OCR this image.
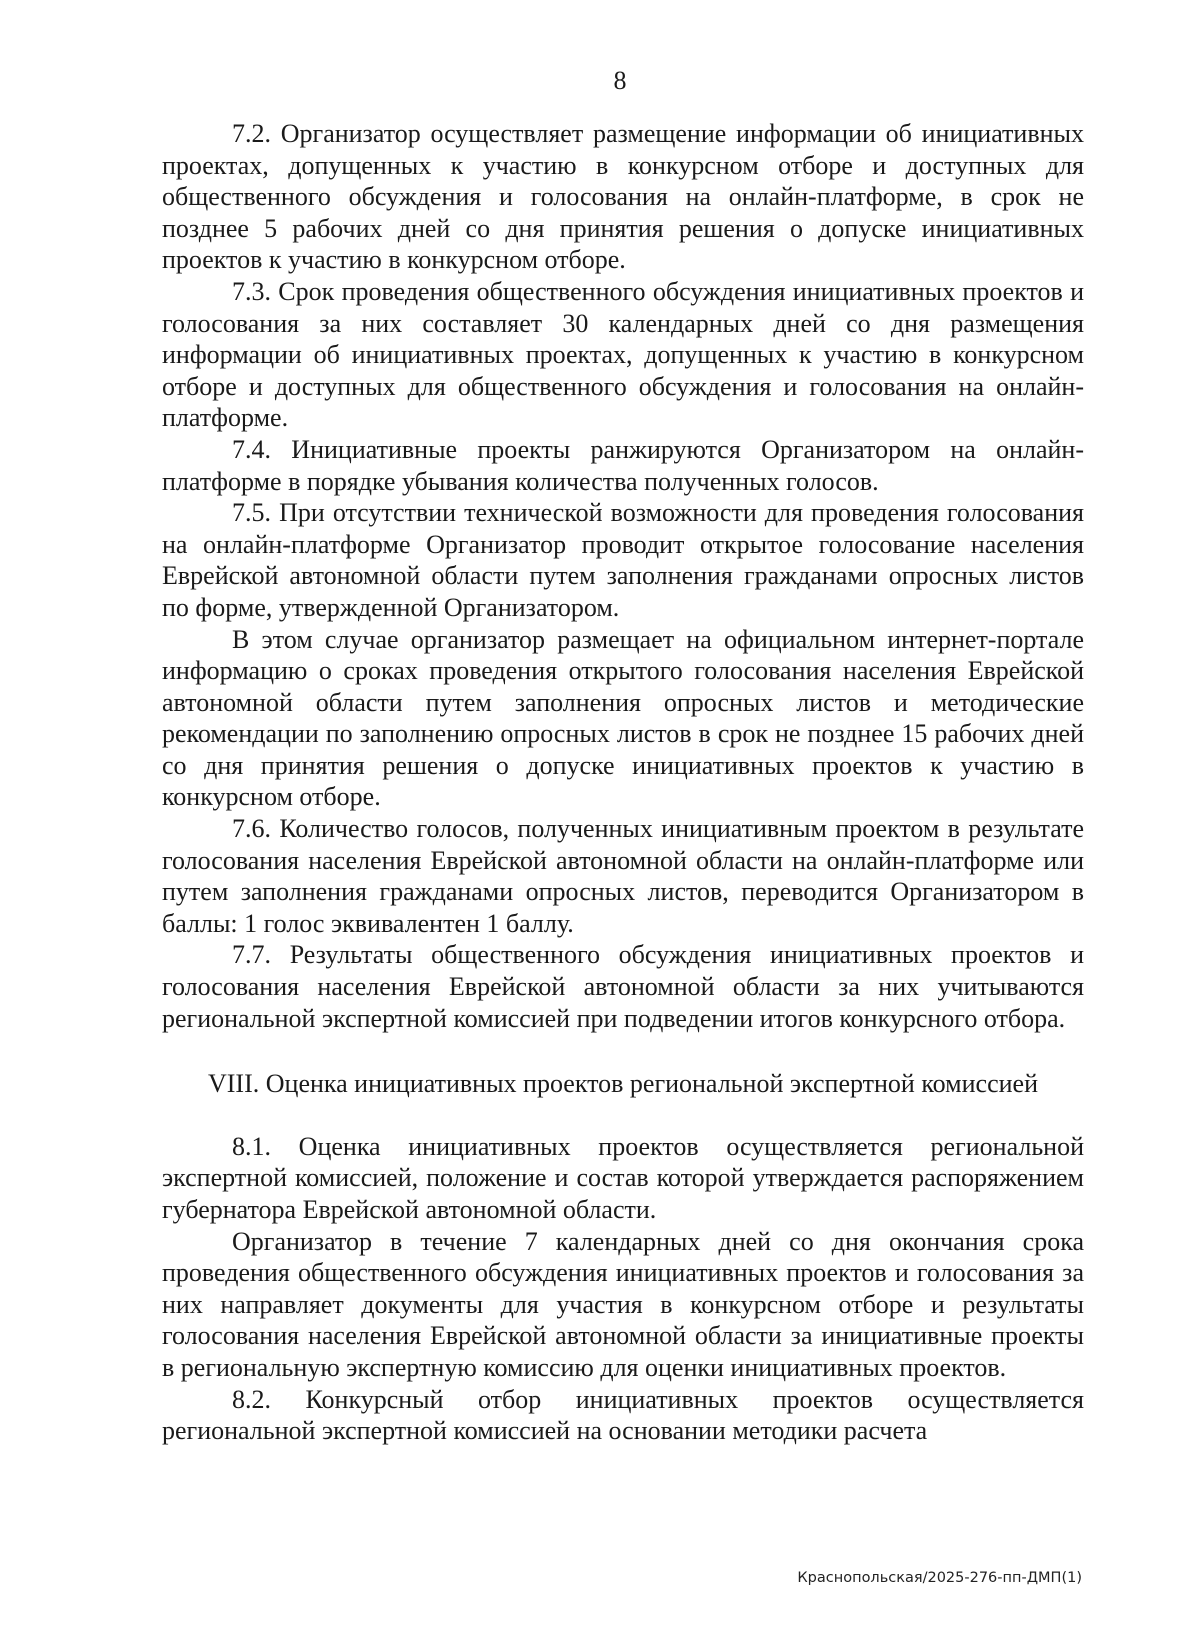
8

7.2. Организатор осуществляет размещение информации об инициативных проектах, допущенных к участию в конкурсном отборе и доступных для общественного обсуждения и голосования на онлайн-платформе, в срок не позднее 5 рабочих дней со дня принятия решения о допуске инициативных проектов к участию в конкурсном отборе.

7.3. Срок проведения общественного обсуждения инициативных проектов и голосования за них составляет 30 календарных дней со дня размещения информации об инициативных проектах, допущенных к участию в конкурсном отборе и доступных для общественного обсуждения и голосования на онлайн-платформе.

7.4. Инициативные проекты ранжируются Организатором на онлайн-платформе в порядке убывания количества полученных голосов.

7.5. При отсутствии технической возможности для проведения голосования на онлайн-платформе Организатор проводит открытое голосование населения Еврейской автономной области путем заполнения гражданами опросных листов по форме, утвержденной Организатором.

В этом случае организатор размещает на официальном интернет-портале информацию о сроках проведения открытого голосования населения Еврейской автономной области путем заполнения опросных листов и методические рекомендации по заполнению опросных листов в срок не позднее 15 рабочих дней со дня принятия решения о допуске инициативных проектов к участию в конкурсном отборе.

7.6. Количество голосов, полученных инициативным проектом в результате голосования населения Еврейской автономной области на онлайн-платформе или путем заполнения гражданами опросных листов, переводится Организатором в баллы: 1 голос эквивалентен 1 баллу.

7.7. Результаты общественного обсуждения инициативных проектов и голосования населения Еврейской автономной области за них учитываются региональной экспертной комиссией при подведении итогов конкурсного отбора.

VIII. Оценка инициативных проектов региональной экспертной комиссией

8.1. Оценка инициативных проектов осуществляется региональной экспертной комиссией, положение и состав которой утверждается распоряжением губернатора Еврейской автономной области.

Организатор в течение 7 календарных дней со дня окончания срока проведения общественного обсуждения инициативных проектов и голосования за них направляет документы для участия в конкурсном отборе и результаты голосования населения Еврейской автономной области за инициативные проекты в региональную экспертную комиссию для оценки инициативных проектов.

8.2. Конкурсный отбор инициативных проектов осуществляется региональной экспертной комиссией на основании методики расчета

Краснопольская/2025-276-пп-ДМП(1)
